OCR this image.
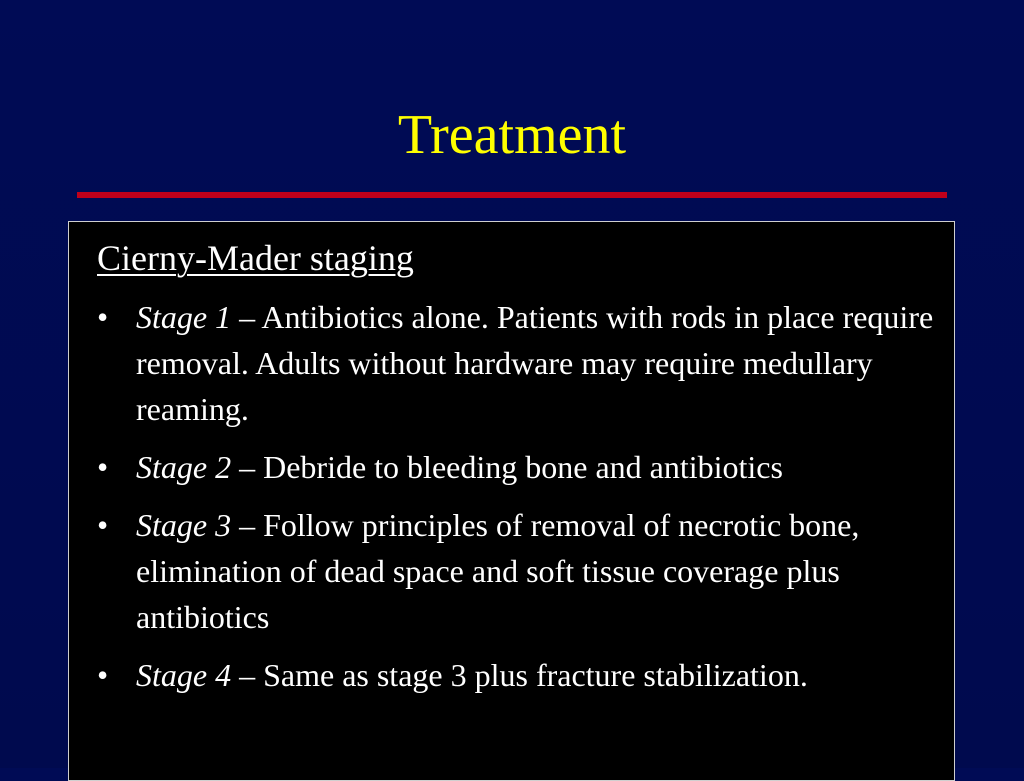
Treatment
Cierny-Mader staging
• Stage 1 – Antibiotics alone. Patients with rods in place require removal. Adults without hardware may require medullary reaming.
• Stage 2 – Debride to bleeding bone and antibiotics
• Stage 3 – Follow principles of removal of necrotic bone, elimination of dead space and soft tissue coverage plus antibiotics
• Stage 4 – Same as stage 3 plus fracture stabilization.
